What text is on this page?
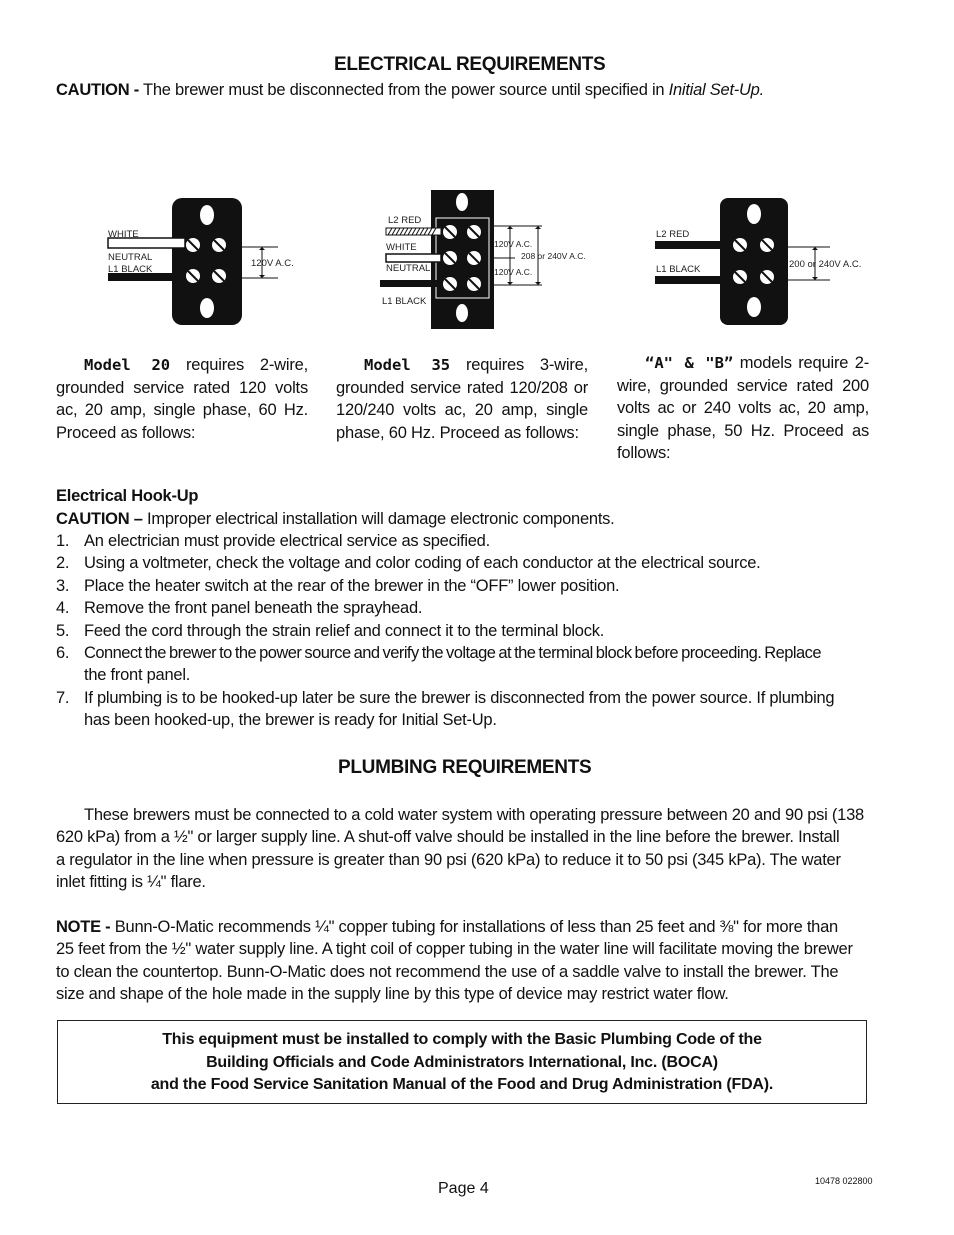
ELECTRICAL REQUIREMENTS
CAUTION - The brewer must be disconnected from the power source until specified in Initial Set-Up.
WHITE
NEUTRAL
L1 BLACK
120V A.C.
L2 RED
WHITE
NEUTRAL
L1 BLACK
120V A.C.
208 or 240V A.C.
120V A.C.
L2 RED
L1 BLACK	200 or 240V A.C.
Model 20 requires 2-wire, grounded service rated 120 volts ac, 20 amp, single phase, 60 Hz. Proceed as follows:
Model 35 requires 3-wire, grounded service rated 120/208 or 120/240 volts ac, 20 amp, single phase, 60 Hz. Proceed as follows:
“A" & "B” models require 2-wire, grounded service rated 200 volts ac or 240 volts ac, 20 amp, single phase, 50 Hz. Proceed as follows:
Electrical Hook-Up
CAUTION – Improper electrical installation will damage electronic components.
1. An electrician must provide electrical service as specified.
2. Using a voltmeter, check the voltage and color coding of each conductor at the electrical source.
3. Place the heater switch at the rear of the brewer in the “OFF” lower position.
4. Remove the front panel beneath the sprayhead.
5. Feed the cord through the strain relief and connect it to the terminal block.
6. Connect the brewer to the power source and verify the voltage at the terminal block before proceeding. Replace
the front panel.
7. If plumbing is to be hooked-up later be sure the brewer is disconnected from the power source. If plumbing
has been hooked-up, the brewer is ready for Initial Set-Up.
PLUMBING REQUIREMENTS
These brewers must be connected to a cold water system with operating pressure between 20 and 90 psi (138
620 kPa) from a ½" or larger supply line. A shut-off valve should be installed in the line before the brewer. Install
a regulator in the line when pressure is greater than 90 psi (620 kPa) to reduce it to 50 psi (345 kPa). The water
inlet fitting is ¼" flare.
NOTE - Bunn-O-Matic recommends ¼" copper tubing for installations of less than 25 feet and ⅜" for more than
25 feet from the ½" water supply line. A tight coil of copper tubing in the water line will facilitate moving the brewer
to clean the countertop. Bunn-O-Matic does not recommend the use of a saddle valve to install the brewer. The
size and shape of the hole made in the supply line by this type of device may restrict water flow.
This equipment must be installed to comply with the Basic Plumbing Code of the
Building Officials and Code Administrators International, Inc. (BOCA)
and the Food Service Sanitation Manual of the Food and Drug Administration (FDA).
Page 4	10478 022800
